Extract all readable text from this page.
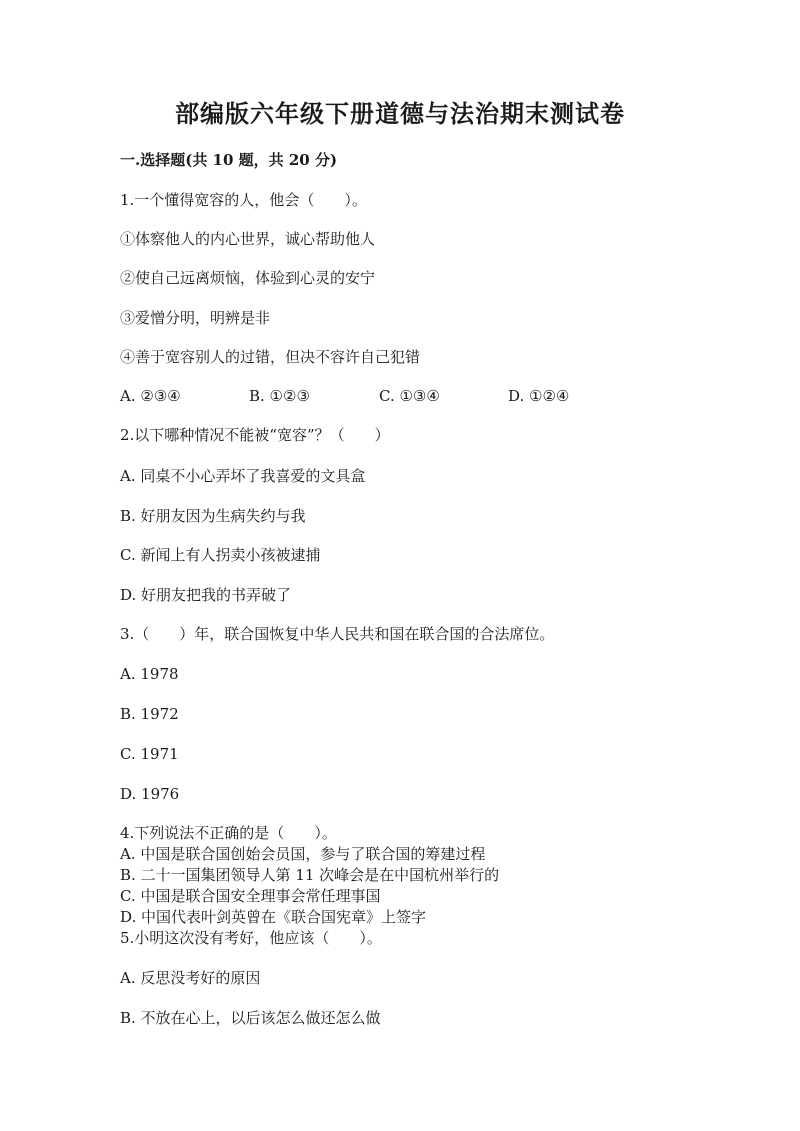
部编版六年级下册道德与法治期末测试卷
一.选择题(共 10 题，共 20 分)
1.一个懂得宽容的人，他会（　　）。
①体察他人的内心世界，诚心帮助他人
②使自己远离烦恼，体验到心灵的安宁
③爱憎分明，明辨是非
④善于宽容别人的过错，但决不容许自己犯错
A. ②③④	B. ①②③	C. ①③④	D. ①②④
2.以下哪种情况不能被“宽容”？（　　）
A. 同桌不小心弄坏了我喜爱的文具盒
B. 好朋友因为生病失约与我
C. 新闻上有人拐卖小孩被逮捕
D. 好朋友把我的书弄破了
3.（　　）年，联合国恢复中华人民共和国在联合国的合法席位。
A. 1978
B. 1972
C. 1971
D. 1976
4.下列说法不正确的是（　　）。
A. 中国是联合国创始会员国，参与了联合国的筹建过程
B. 二十一国集团领导人第 11 次峰会是在中国杭州举行的
C. 中国是联合国安全理事会常任理事国
D. 中国代表叶剑英曾在《联合国宪章》上签字
5.小明这次没有考好，他应该（　　）。
A. 反思没考好的原因
B. 不放在心上，以后该怎么做还怎么做
